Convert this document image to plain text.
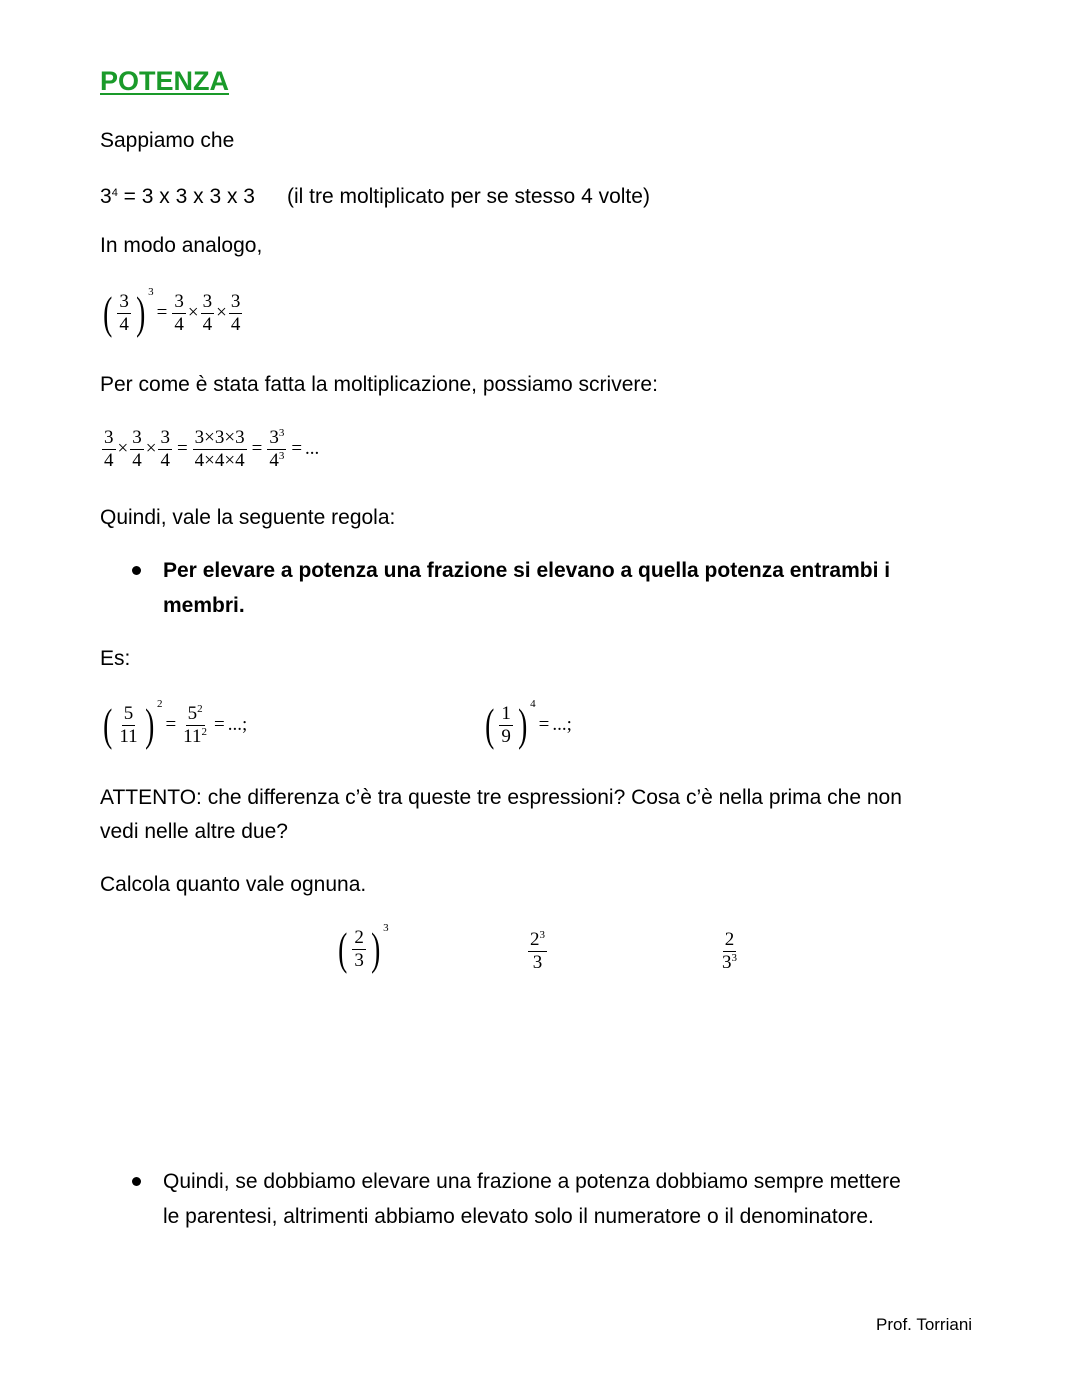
POTENZA
Sappiamo che
$3^4 = 3$ x 3 x 3 x 3 (il tre moltiplicato per se stesso 4 volte)
In modo analogo,
( $\frac{3}{4}$ ) 3
= $\frac{3}{4} \times \frac{3}{4} \times \frac{3}{4}$
Per come è stata fatta la moltiplicazione, possiamo scrivere:
$\frac{3}{4} \times \frac{3}{4} \times \frac{3}{4} = \frac{3\times 3\times 3}{4\times 4\times 4} = \frac{3^3}{4^3}$ = ...
Quindi, vale la seguente regola:
Per elevare a potenza una frazione si elevano a quella potenza entrambi i
membri.
Es:
( $\frac{5}{11}$ ) 2
= $\frac{5^2}{11^2}$ = ...;	( $\frac{1}{9}$ ) 4
= ...;
ATTENTO: che differenza c’è tra queste tre espressioni? Cosa c’è nella prima che non
vedi nelle altre due?
Calcola quanto vale ognuna.
( $\frac{2}{3}$ ) 3
$\frac{2^3}{3}$	$\frac{2}{3^3}$
Quindi, se dobbiamo elevare una frazione a potenza dobbiamo sempre mettere
le parentesi, altrimenti abbiamo elevato solo il numeratore o il denominatore.
Prof. Torriani
